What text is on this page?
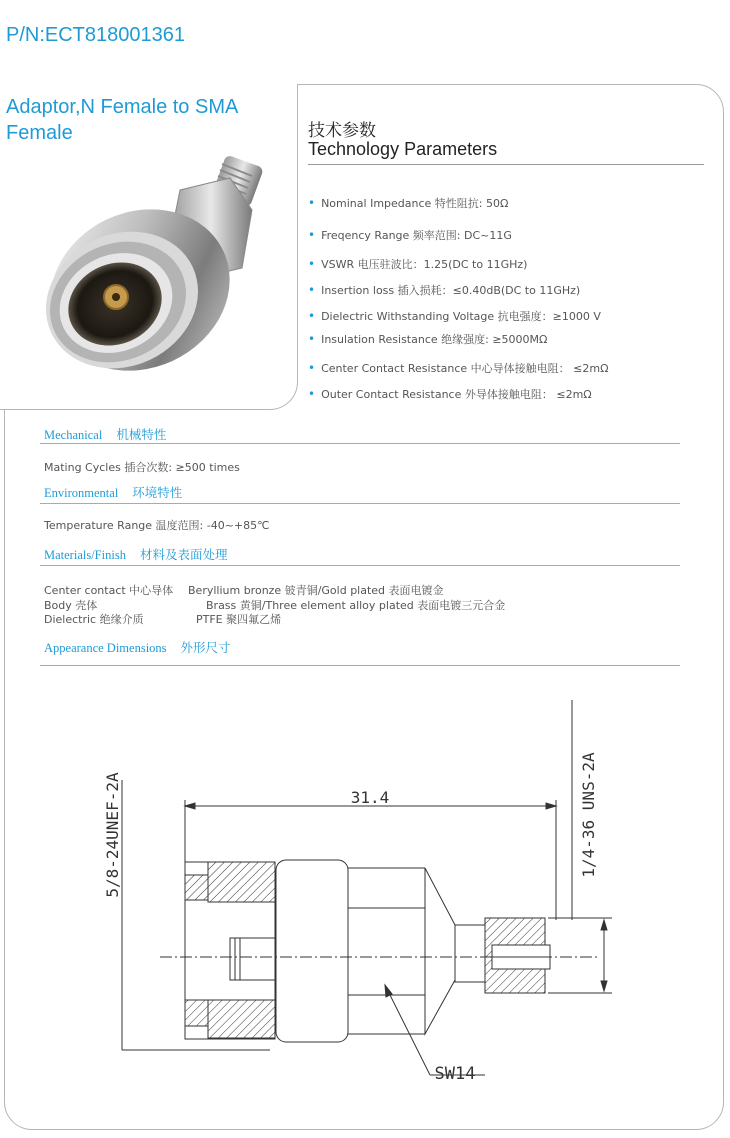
P/N:ECT818001361
Adaptor,N Female to SMA Female	技术参数
Technology Parameters
• Nominal Impedance 特性阻抗: 50Ω
• Freqency Range 频率范围: DC~11G
• VSWR 电压驻波比：1.25(DC to 11GHz)
• Insertion loss 插入损耗：≤0.40dB(DC to 11GHz)
• Dielectric Withstanding Voltage 抗电强度：≥1000 V
• Insulation Resistance 绝缘强度: ≥5000MΩ
• Center Contact Resistance 中心导体接触电阻： ≤2mΩ
• Outer Contact Resistance 外导体接触电阻： ≤2mΩ
Mechanical 机械特性
Mating Cycles 插合次数: ≥500 times
Environmental 环境特性
Temperature Range 温度范围: -40~+85℃
Materials/Finish 材料及表面处理
Center contact 中心导体 Beryllium bronze 铍青铜/Gold plated 表面电镀金
Body 壳体	Brass 黄铜/Three element alloy plated 表面电镀三元合金
Dielectric 绝缘介质	PTFE 聚四氟乙烯
Appearance Dimensions 外形尺寸
31.4
5/8-24UNEF-2A	1/4-36 UNS-2A
SW14
